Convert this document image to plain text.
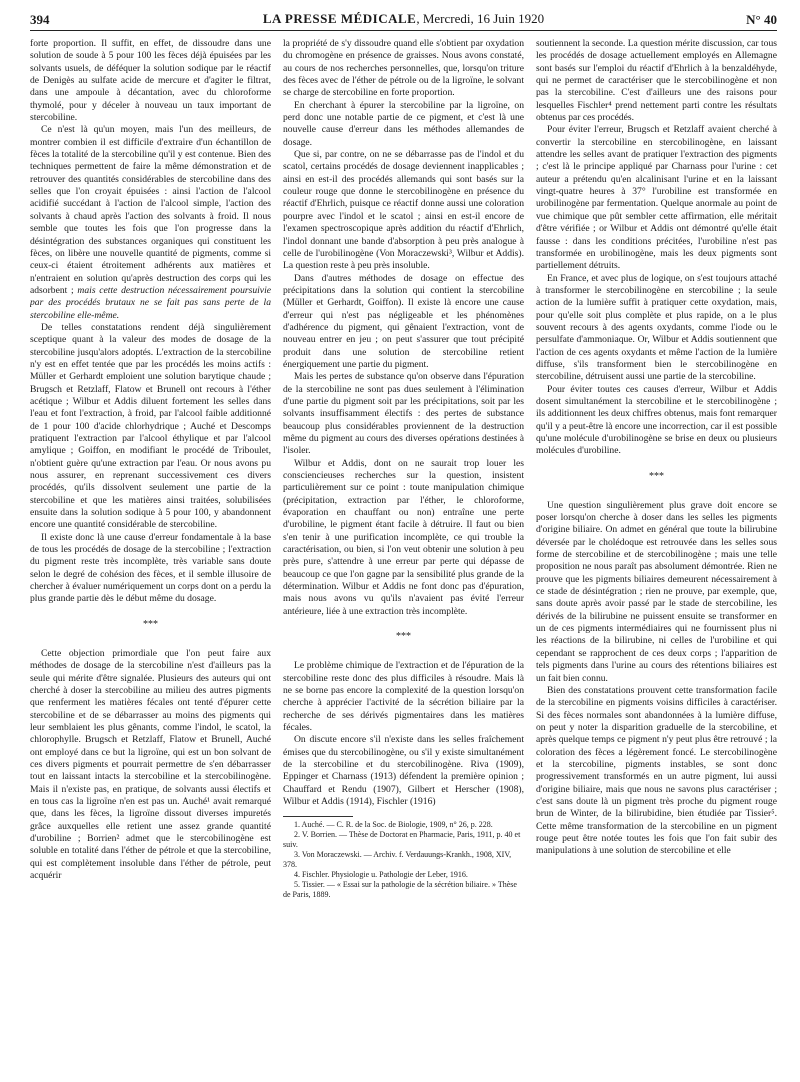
394	LA PRESSE MÉDICALE, Mercredi, 16 Juin 1920	N° 40

forte proportion. Il suffit, en effet, de dissoudre dans une solution de soude à 5 pour 100 les fèces déjà épuisées par les solvants usuels, de déféquer la solution sodique par le réactif de Denigès au sulfate acide de mercure et d'agiter le filtrat, dans une ampoule à décantation, avec du chloroforme thymolé, pour y déceler à nouveau un taux important de stercobiline.

Ce n'est là qu'un moyen, mais l'un des meilleurs, de montrer combien il est difficile d'extraire d'un échantillon de fèces la totalité de la stercobiline qu'il y est contenue. Bien des techniques permettent de faire la même démonstration et de retrouver des quantités considérables de stercobiline dans des selles que l'on croyait épuisées : ainsi l'action de l'alcool acidifié succédant à l'action de l'alcool simple, l'action des solvants à chaud après l'action des solvants à froid. Il nous semble que toutes les fois que l'on progresse dans la désintégration des substances organiques qui constituent les fèces, on libère une nouvelle quantité de pigments, comme si ceux-ci étaient étroitement adhérents aux matières et n'entraient en solution qu'après destruction des corps qui les adsorbent ; mais cette destruction nécessairement poursuivie par des procédés brutaux ne se fait pas sans perte de la stercobiline elle-même.

De telles constatations rendent déjà singulièrement sceptique quant à la valeur des modes de dosage de la stercobiline jusqu'alors adoptés. L'extraction de la stercobiline n'y est en effet tentée que par les procédés les moins actifs : Müller et Gerhardt emploient une solution barytique chaude ; Brugsch et Retzlaff, Flatow et Brunell ont recours à l'éther acétique ; Wilbur et Addis diluent fortement les selles dans l'eau et font l'extraction, à froid, par l'alcool faible additionné de 1 pour 100 d'acide chlorhydrique ; Auché et Descomps pratiquent l'extraction par l'alcool éthylique et par l'alcool amylique ; Goiffon, en modifiant le procédé de Triboulet, n'obtient guère qu'une extraction par l'eau. Or nous avons pu nous assurer, en reprenant successivement ces divers procédés, qu'ils dissolvent seulement une partie de la stercobiline et que les matières ainsi traitées, solubilisées ensuite dans la solution sodique à 5 pour 100, y abandonnent encore une quantité considérable de stercobiline.

Il existe donc là une cause d'erreur fondamentale à la base de tous les procédés de dosage de la stercobiline ; l'extraction du pigment reste très incomplète, très variable sans doute selon le degré de cohésion des fèces, et il semble illusoire de chercher à évaluer numériquement un corps dont on a perdu la plus grande partie dès le début même du dosage.

***

Cette objection primordiale que l'on peut faire aux méthodes de dosage de la stercobiline n'est d'ailleurs pas la seule qui mérite d'être signalée. Plusieurs des auteurs qui ont cherché à doser la stercobiline au milieu des autres pigments que renferment les matières fécales ont tenté d'épurer cette stercobiline et de se débarrasser au moins des pigments qui leur semblaient les plus gênants, comme l'indol, le scatol, la chlorophylle. Brugsch et Retzlaff, Flatow et Brunell, Auché ont employé dans ce but la ligroïne, qui est un bon solvant de ces divers pigments et pourrait permettre de s'en débarrasser tout en laissant intacts la stercobiline et la stercobilinogène. Mais il n'existe pas, en pratique, de solvants aussi électifs et en tous cas la ligroïne n'en est pas un. Auché¹ avait remarqué que, dans les fèces, la ligroïne dissout diverses impuretés grâce auxquelles elle retient une assez grande quantité d'urobiline ; Borrien² admet que le stercobilinogène est soluble en totalité dans l'éther de pétrole et que la stercobiline, qui est complètement insoluble dans l'éther de pétrole, peut acquérir

la propriété de s'y dissoudre quand elle s'obtient par oxydation du chromogène en présence de graisses. Nous avons constaté, au cours de nos recherches personnelles, que, lorsqu'on triture des fèces avec de l'éther de pétrole ou de la ligroïne, le solvant se charge de stercobiline en forte proportion.

En cherchant à épurer la stercobiline par la ligroïne, on perd donc une notable partie de ce pigment, et c'est là une nouvelle cause d'erreur dans les méthodes allemandes de dosage.

Que si, par contre, on ne se débarrasse pas de l'indol et du scatol, certains procédés de dosage deviennent inapplicables ; ainsi en est-il des procédés allemands qui sont basés sur la couleur rouge que donne le stercobilinogène en présence du réactif d'Ehrlich, puisque ce réactif donne aussi une coloration pourpre avec l'indol et le scatol ; ainsi en est-il encore de l'examen spectroscopique après addition du réactif d'Ehrlich, l'indol donnant une bande d'absorption à peu près analogue à celle de l'urobilinogène (Von Moraczewski³, Wilbur et Addis). La question reste à peu près insoluble.

Dans d'autres méthodes de dosage on effectue des précipitations dans la solution qui contient la stercobiline (Müller et Gerhardt, Goiffon). Il existe là encore une cause d'erreur qui n'est pas négligeable et les phénomènes d'adhérence du pigment, qui gênaient l'extraction, vont de nouveau entrer en jeu ; on peut s'assurer que tout précipité produit dans une solution de stercobiline retient énergiquement une partie du pigment.

Mais les pertes de substance qu'on observe dans l'épuration de la stercobiline ne sont pas dues seulement à l'élimination d'une partie du pigment soit par les précipitations, soit par les solvants insuffisamment électifs : des pertes de substance beaucoup plus considérables proviennent de la destruction même du pigment au cours des diverses opérations destinées à l'isoler.

Wilbur et Addis, dont on ne saurait trop louer les consciencieuses recherches sur la question, insistent particulièrement sur ce point : toute manipulation chimique (précipitation, extraction par l'éther, le chloroforme, évaporation en chauffant ou non) entraîne une perte d'urobiline, le pigment étant facile à détruire. Il faut ou bien s'en tenir à une purification incomplète, ce qui trouble la caractérisation, ou bien, si l'on veut obtenir une solution à peu près pure, s'attendre à une erreur par perte qui dépasse de beaucoup ce que l'on gagne par la sensibilité plus grande de la détermination. Wilbur et Addis ne font donc pas d'épuration, mais nous avons vu qu'ils n'avaient pas évité l'erreur antérieure, liée à une extraction très incomplète.

***

Le problème chimique de l'extraction et de l'épuration de la stercobiline reste donc des plus difficiles à résoudre. Mais là ne se borne pas encore la complexité de la question lorsqu'on cherche à apprécier l'activité de la sécrétion biliaire par la recherche de ses dérivés pigmentaires dans les matières fécales.

On discute encore s'il n'existe dans les selles fraîchement émises que du stercobilinogène, ou s'il y existe simultanément de la stercobiline et du stercobilinogène. Riva (1909), Eppinger et Charnass (1913) défendent la première opinion ; Chauffard et Rendu (1907), Gilbert et Herscher (1908), Wilbur et Addis (1914), Fischler (1916)

1. Auché. — C. R. de la Soc. de Biologie, 1909, n° 26, p. 228.

2. V. Borrien. — Thèse de Doctorat en Pharmacie, Paris, 1911, p. 40 et suiv.

3. Von Moraczewski. — Archiv. f. Verdauungs-Krankh., 1908, XIV, 378.

4. Fischler. Physiologie u. Pathologie der Leber, 1916.

5. Tissier. — « Essai sur la pathologie de la sécrétion biliaire. » Thèse de Paris, 1889.

soutiennent la seconde. La question mérite discussion, car tous les procédés de dosage actuellement employés en Allemagne sont basés sur l'emploi du réactif d'Ehrlich à la benzaldéhyde, qui ne permet de caractériser que le stercobilinogène et non pas la stercobiline. C'est d'ailleurs une des raisons pour lesquelles Fischler⁴ prend nettement parti contre les résultats obtenus par ces procédés.

Pour éviter l'erreur, Brugsch et Retzlaff avaient cherché à convertir la stercobiline en stercobilinogène, en laissant attendre les selles avant de pratiquer l'extraction des pigments ; c'est là le principe appliqué par Charnass pour l'urine : cet auteur a prétendu qu'en alcalinisant l'urine et en la laissant vingt-quatre heures à 37° l'urobiline est transformée en urobilinogène par fermentation. Quelque anormale au point de vue chimique que pût sembler cette affirmation, elle méritait d'être vérifiée ; or Wilbur et Addis ont démontré qu'elle était fausse : dans les conditions précitées, l'urobiline n'est pas transformée en urobilinogène, mais les deux pigments sont partiellement détruits.

En France, et avec plus de logique, on s'est toujours attaché à transformer le stercobilinogène en stercobiline ; la seule action de la lumière suffit à pratiquer cette oxydation, mais, pour qu'elle soit plus complète et plus rapide, on a le plus souvent recours à des agents oxydants, comme l'iode ou le persulfate d'ammoniaque. Or, Wilbur et Addis soutiennent que l'action de ces agents oxydants et même l'action de la lumière diffuse, s'ils transforment bien le stercobilinogène en stercobiline, détruisent aussi une partie de la stercobiline.

Pour éviter toutes ces causes d'erreur, Wilbur et Addis dosent simultanément la stercobiline et le stercobilinogène ; ils additionnent les deux chiffres obtenus, mais font remarquer qu'il y a peut-être là encore une incorrection, car il est possible qu'une molécule d'urobilinogène se brise en deux ou plusieurs molécules d'urobiline.

***

Une question singulièrement plus grave doit encore se poser lorsqu'on cherche à doser dans les selles les pigments d'origine biliaire. On admet en général que toute la bilirubine déversée par le cholédoque est retrouvée dans les selles sous forme de stercobiline et de stercobilinogène ; mais une telle proposition ne nous paraît pas absolument démontrée. Rien ne prouve que les pigments biliaires demeurent nécessairement à ce stade de désintégration ; rien ne prouve, par exemple, que, sans doute après avoir passé par le stade de stercobiline, les dérivés de la bilirubine ne puissent ensuite se transformer en un de ces pigments intermédiaires qui ne fournissent plus ni les réactions de la bilirubine, ni celles de l'urobiline et qui cependant se rapprochent de ces deux corps ; l'apparition de tels pigments dans l'urine au cours des rétentions biliaires est un fait bien connu.

Bien des constatations prouvent cette transformation facile de la stercobiline en pigments voisins difficiles à caractériser. Si des fèces normales sont abandonnées à la lumière diffuse, on peut y noter la disparition graduelle de la stercobiline, et après quelque temps ce pigment n'y peut plus être retrouvé ; la coloration des fèces a légèrement foncé. Le stercobilinogène et la stercobiline, pigments instables, se sont donc progressivement transformés en un autre pigment, lui aussi d'origine biliaire, mais que nous ne savons plus caractériser ; c'est sans doute là un pigment très proche du pigment rouge brun de Winter, de la bilirubidine, bien étudiée par Tissier⁵. Cette même transformation de la stercobiline en un pigment rouge peut être notée toutes les fois que l'on fait subir des manipulations à une solution de stercobiline et elle
